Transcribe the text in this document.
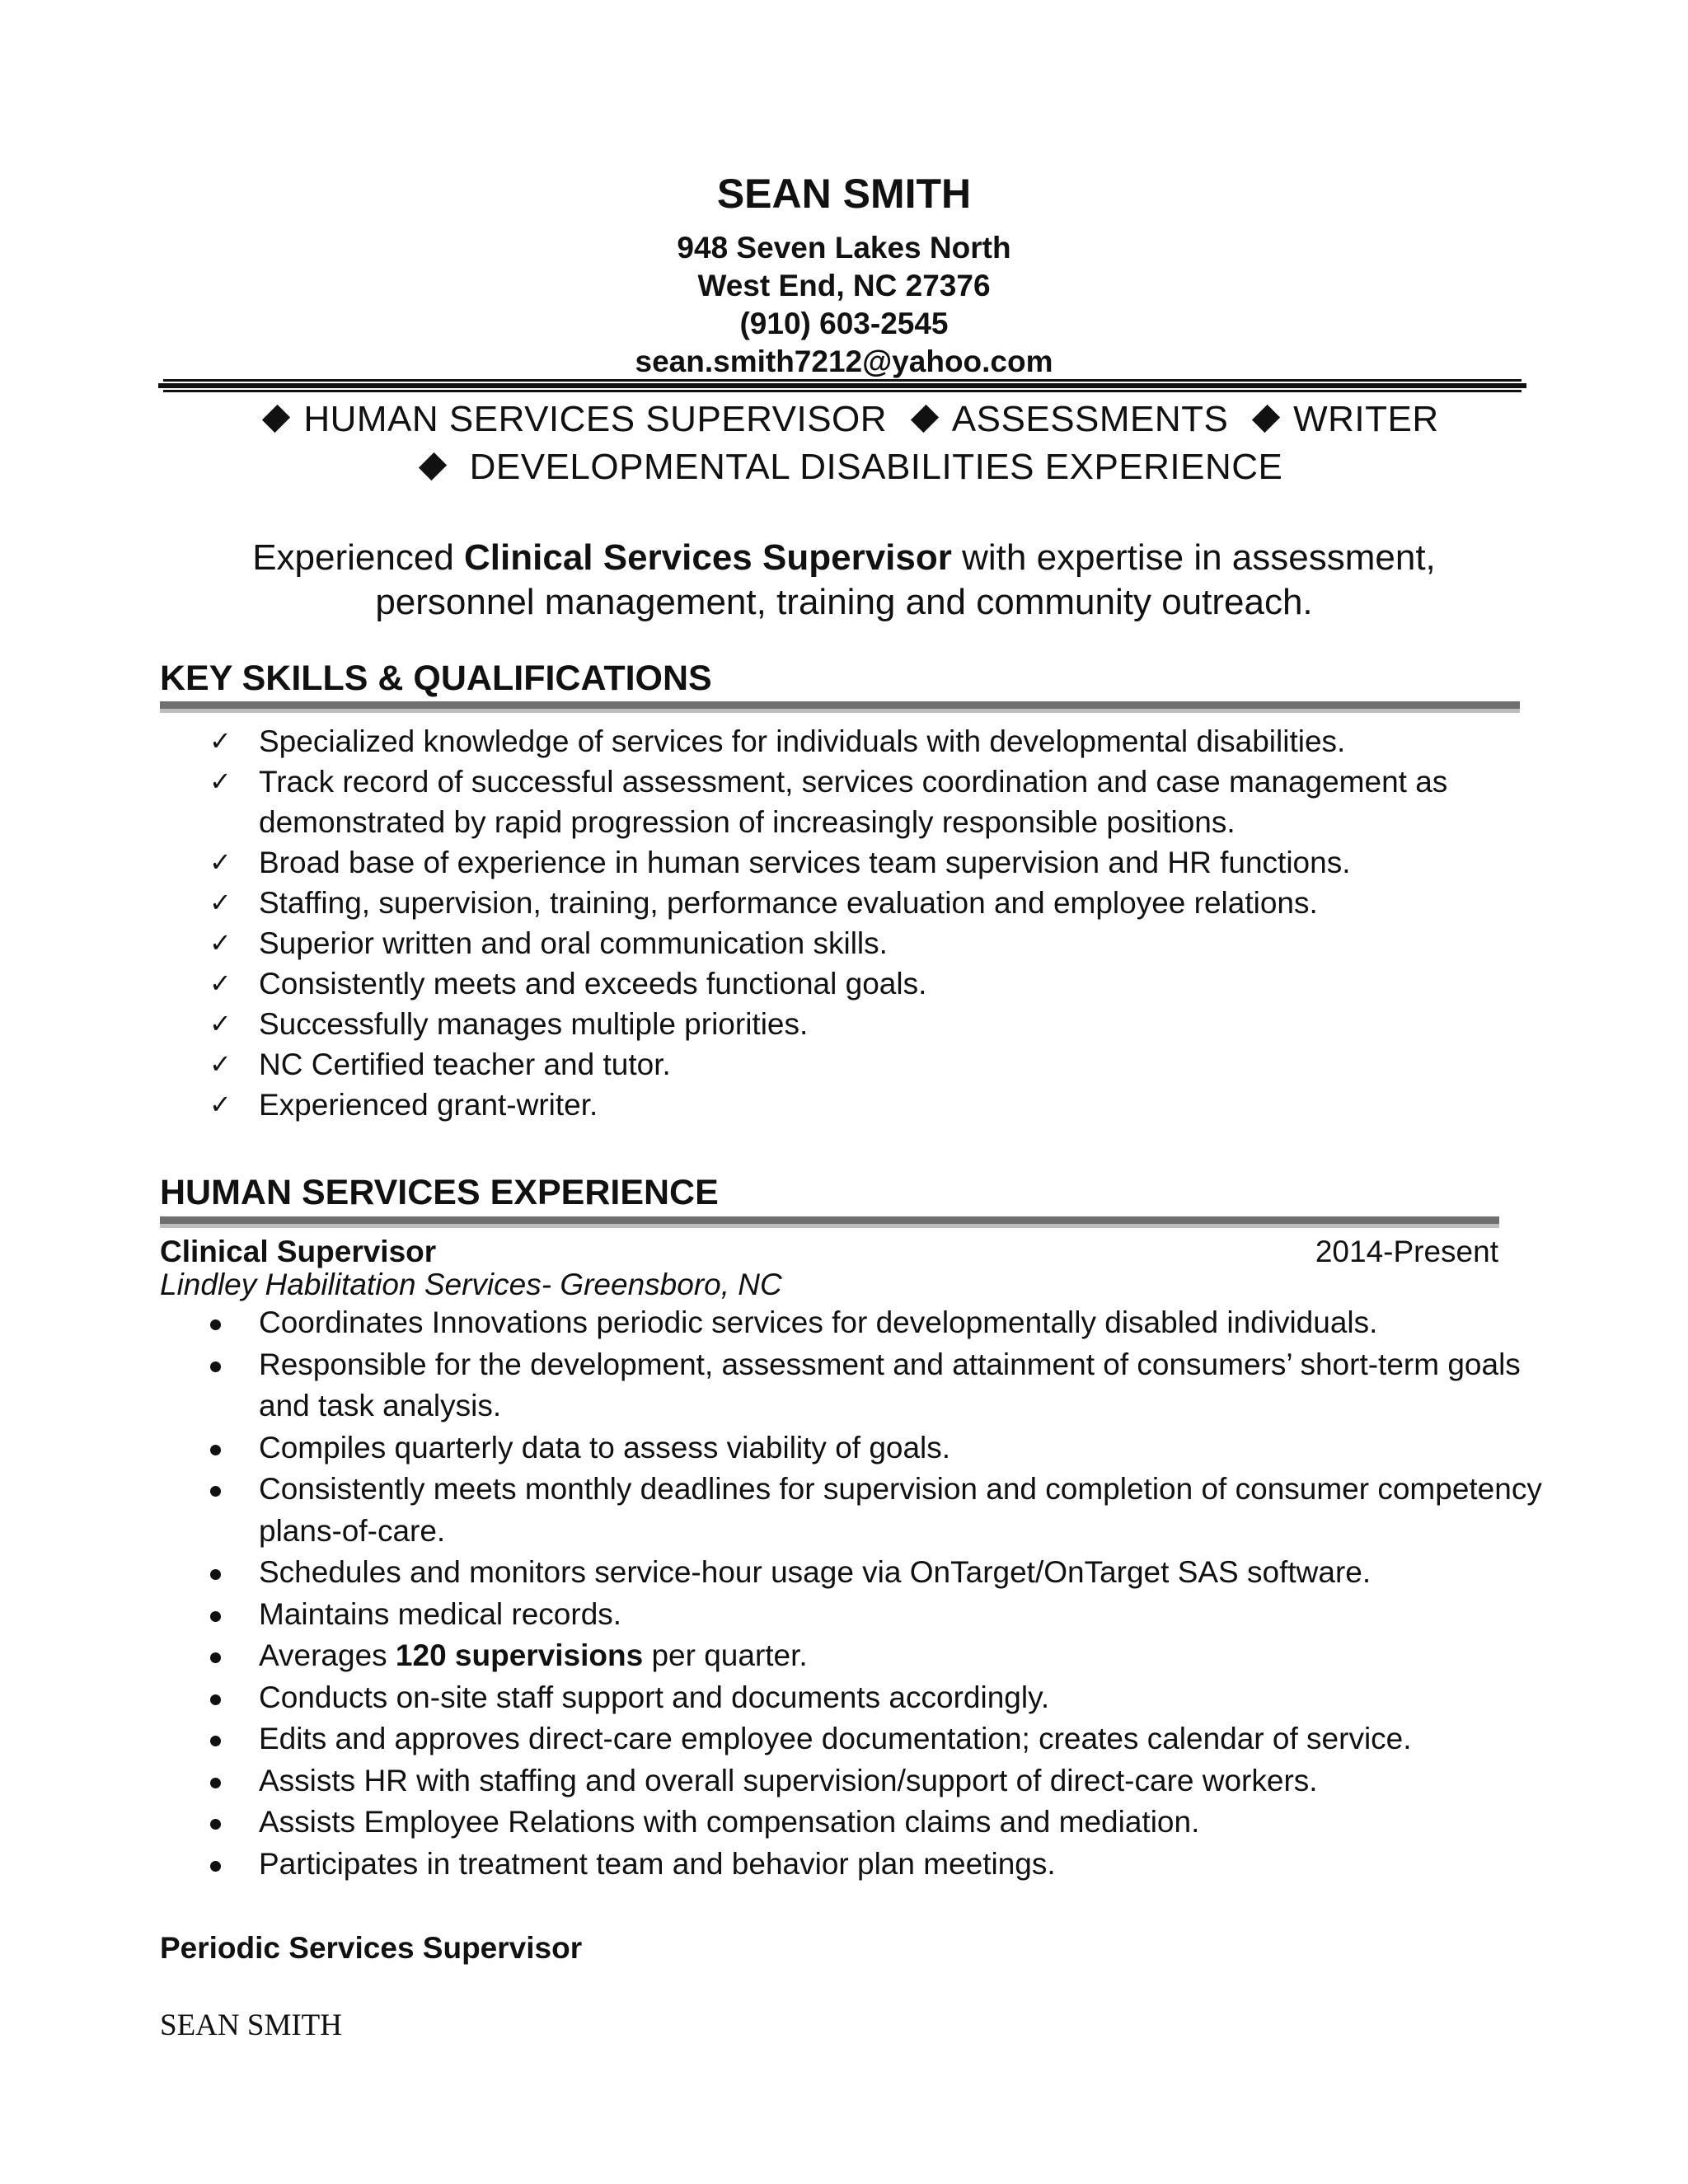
SEAN SMITH
948 Seven Lakes North
West End, NC 27376
(910) 603-2545
sean.smith7212@yahoo.com
HUMAN SERVICES SUPERVISOR ASSESSMENTS WRITER
DEVELOPMENTAL DISABILITIES EXPERIENCE
Experienced Clinical Services Supervisor with expertise in assessment,
personnel management, training and community outreach.
KEY SKILLS & QUALIFICATIONS
✓ Specialized knowledge of services for individuals with developmental disabilities.
✓ Track record of successful assessment, services coordination and case management as demonstrated by rapid progression of increasingly responsible positions.
✓ Broad base of experience in human services team supervision and HR functions.
✓ Staffing, supervision, training, performance evaluation and employee relations.
✓ Superior written and oral communication skills.
✓ Consistently meets and exceeds functional goals.
✓ Successfully manages multiple priorities.
✓ NC Certified teacher and tutor.
✓ Experienced grant-writer.
HUMAN SERVICES EXPERIENCE
Clinical Supervisor	2014-Present
Lindley Habilitation Services- Greensboro, NC
Coordinates Innovations periodic services for developmentally disabled individuals.
Responsible for the development, assessment and attainment of consumers’ short-term goals and task analysis.
Compiles quarterly data to assess viability of goals.
Consistently meets monthly deadlines for supervision and completion of consumer competency plans-of-care.
Schedules and monitors service-hour usage via OnTarget/OnTarget SAS software.
Maintains medical records.
Averages 120 supervisions per quarter.
Conducts on-site staff support and documents accordingly.
Edits and approves direct-care employee documentation; creates calendar of service.
Assists HR with staffing and overall supervision/support of direct-care workers.
Assists Employee Relations with compensation claims and mediation.
Participates in treatment team and behavior plan meetings.
Periodic Services Supervisor
SEAN SMITH
